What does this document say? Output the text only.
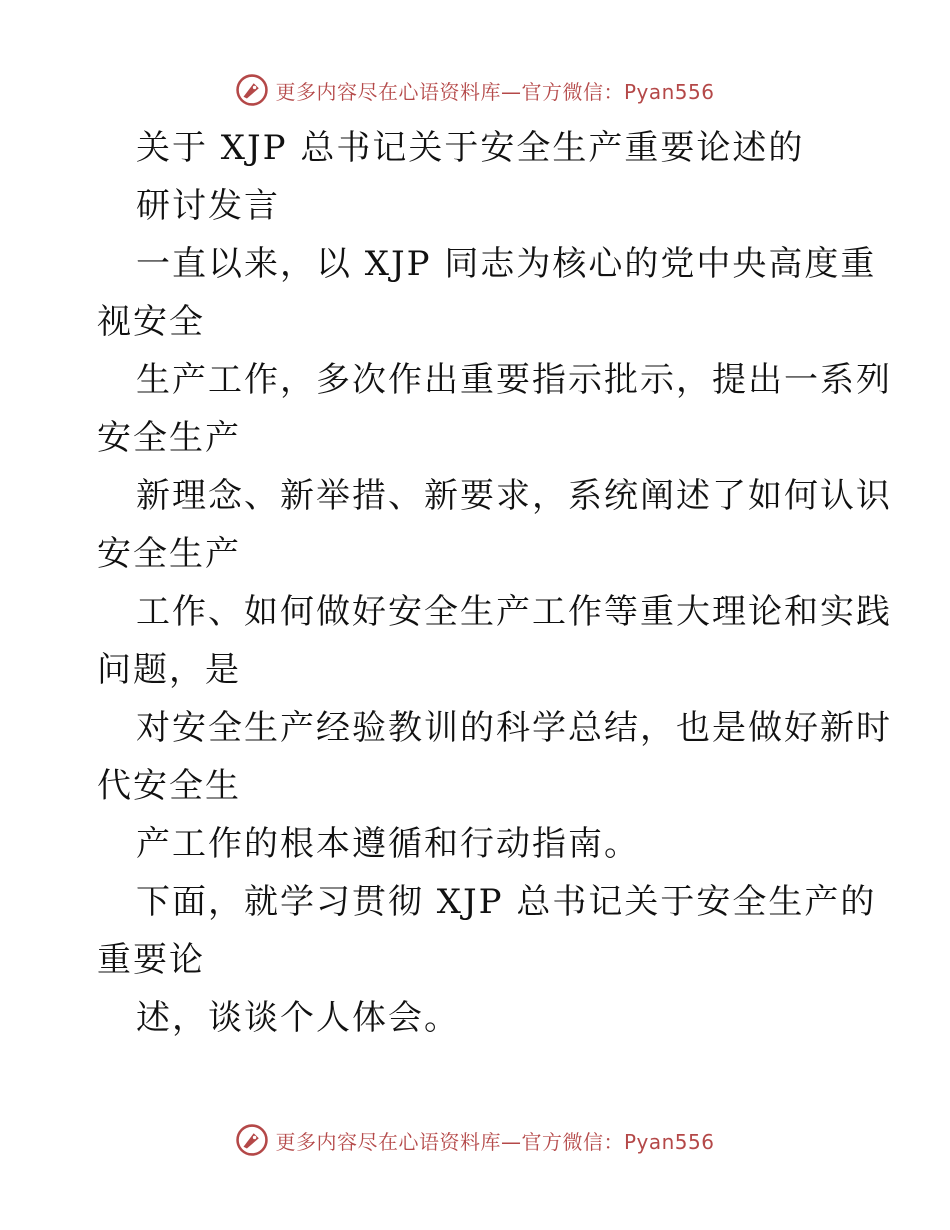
更多内容尽在心语资料库—官方微信：Pyan556
关于 XJP 总书记关于安全生产重要论述的
研讨发言
一直以来，以 XJP 同志为核心的党中央高度重
视安全
生产工作，多次作出重要指示批示，提出一系列
安全生产
新理念、新举措、新要求，系统阐述了如何认识
安全生产
工作、如何做好安全生产工作等重大理论和实践
问题，是
对安全生产经验教训的科学总结，也是做好新时
代安全生
产工作的根本遵循和行动指南。
下面，就学习贯彻 XJP 总书记关于安全生产的
重要论
述，谈谈个人体会。
更多内容尽在心语资料库—官方微信：Pyan556
